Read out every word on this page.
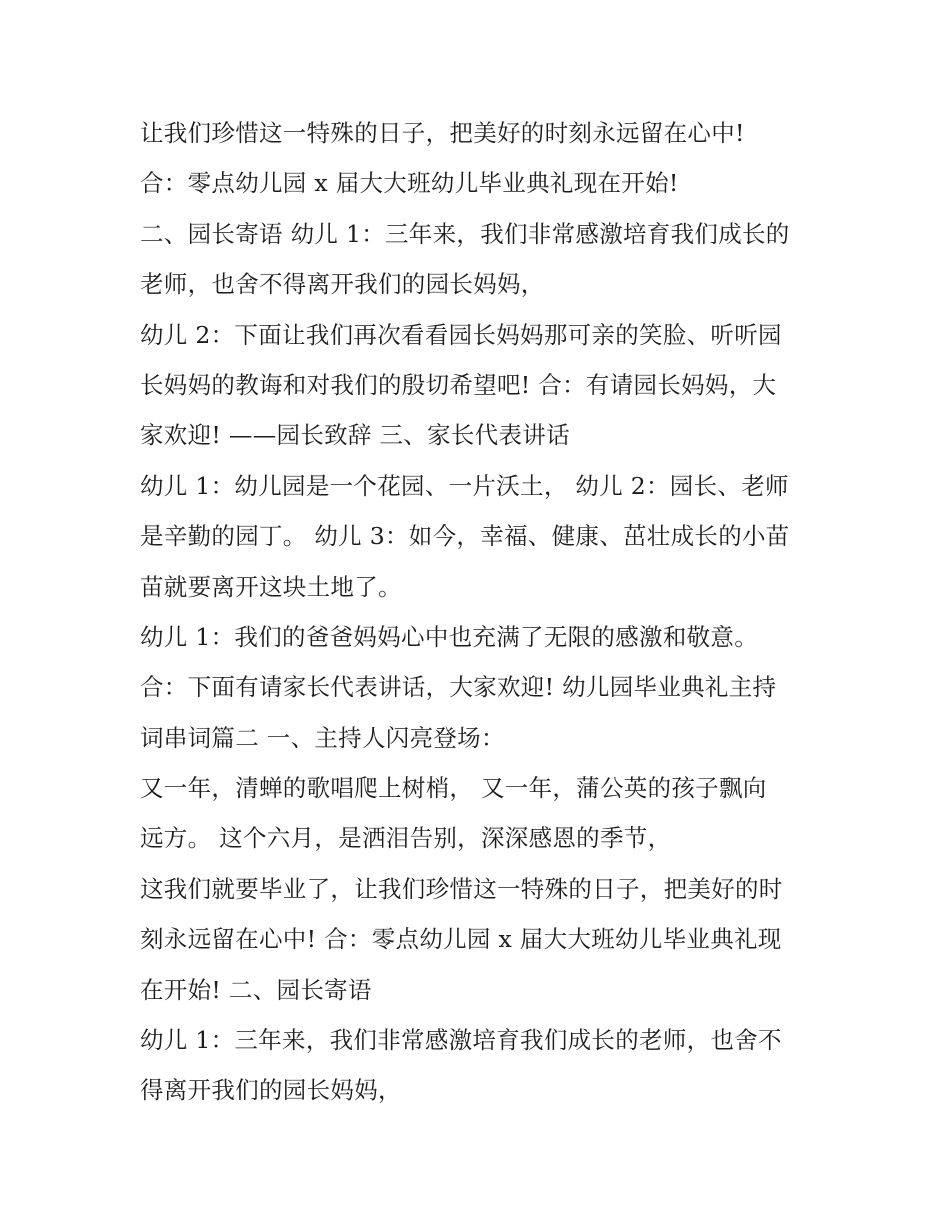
让我们珍惜这一特殊的日子，把美好的时刻永远留在心中!
合：零点幼儿园 x 届大大班幼儿毕业典礼现在开始!
二、园长寄语 幼儿 1：三年来，我们非常感激培育我们成长的
老师，也舍不得离开我们的园长妈妈，
幼儿 2：下面让我们再次看看园长妈妈那可亲的笑脸、听听园
长妈妈的教诲和对我们的殷切希望吧! 合：有请园长妈妈，大
家欢迎! ——园长致辞 三、家长代表讲话
幼儿 1：幼儿园是一个花园、一片沃土， 幼儿 2：园长、老师
是辛勤的园丁。 幼儿 3：如今，幸福、健康、茁壮成长的小苗
苗就要离开这块土地了。
幼儿 1：我们的爸爸妈妈心中也充满了无限的感激和敬意。
合：下面有请家长代表讲话，大家欢迎! 幼儿园毕业典礼主持
词串词篇二 一、主持人闪亮登场：
又一年，清蝉的歌唱爬上树梢， 又一年，蒲公英的孩子飘向
远方。 这个六月，是洒泪告别，深深感恩的季节，
这我们就要毕业了，让我们珍惜这一特殊的日子，把美好的时
刻永远留在心中! 合：零点幼儿园 x 届大大班幼儿毕业典礼现
在开始! 二、园长寄语
幼儿 1：三年来，我们非常感激培育我们成长的老师，也舍不
得离开我们的园长妈妈，
